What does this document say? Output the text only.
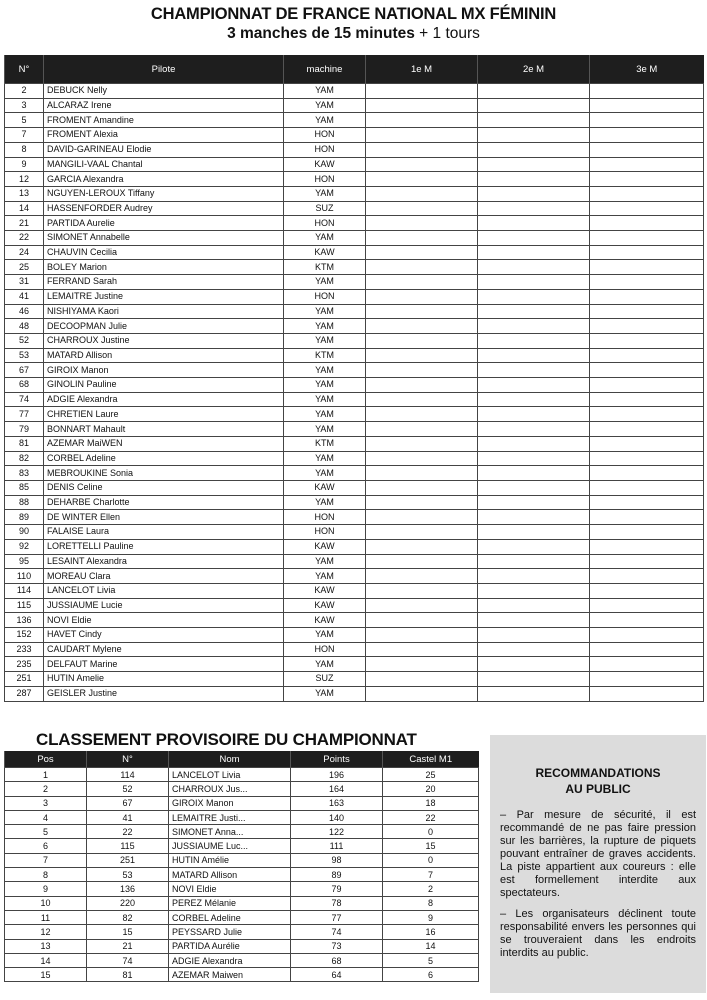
CHAMPIONNAT DE FRANCE NATIONAL MX FÉMININ
3 manches de 15 minutes + 1 tours
N°	Pilote	machine	1e M	2e M	3e M
2	DEBUCK Nelly	YAM			
3	ALCARAZ Irene	YAM			
5	FROMENT Amandine	YAM			
7	FROMENT Alexia	HON			
8	DAVID-GARINEAU Elodie	HON			
9	MANGILI-VAAL Chantal	KAW			
12	GARCIA Alexandra	HON			
13	NGUYEN-LEROUX Tiffany	YAM			
14	HASSENFORDER Audrey	SUZ			
21	PARTIDA Aurelie	HON			
22	SIMONET Annabelle	YAM			
24	CHAUVIN Cecilia	KAW			
25	BOLEY Marion	KTM			
31	FERRAND Sarah	YAM			
41	LEMAITRE Justine	HON			
46	NISHIYAMA Kaori	YAM			
48	DECOOPMAN Julie	YAM			
52	CHARROUX Justine	YAM			
53	MATARD Allison	KTM			
67	GIROIX Manon	YAM			
68	GINOLIN Pauline	YAM			
74	ADGIE Alexandra	YAM			
77	CHRETIEN Laure	YAM			
79	BONNART Mahault	YAM			
81	AZEMAR MaiWEN	KTM			
82	CORBEL Adeline	YAM			
83	MEBROUKINE Sonia	YAM			
85	DENIS Celine	KAW			
88	DEHARBE Charlotte	YAM			
89	DE WINTER Ellen	HON			
90	FALAISE Laura	HON			
92	LORETTELLI Pauline	KAW			
95	LESAINT Alexandra	YAM			
110	MOREAU Clara	YAM			
114	LANCELOT Livia	KAW			
115	JUSSIAUME Lucie	KAW			
136	NOVI Eldie	KAW			
152	HAVET Cindy	YAM			
233	CAUDART Mylene	HON			
235	DELFAUT Marine	YAM			
251	HUTIN Amelie	SUZ			
287	GEISLER Justine	YAM			
CLASSEMENT PROVISOIRE DU CHAMPIONNAT
Pos	N°	Nom	Points	Castel M1
1	114	LANCELOT Livia	196	25
2	52	CHARROUX Jus...	164	20
3	67	GIROIX Manon	163	18
4	41	LEMAITRE Justi...	140	22
5	22	SIMONET Anna...	122	0
6	115	JUSSIAUME Luc...	111	15
7	251	HUTIN Amélie	98	0
8	53	MATARD Allison	89	7
9	136	NOVI Eldie	79	2
10	220	PEREZ Mélanie	78	8
11	82	CORBEL Adeline	77	9
12	15	PEYSSARD Julie	74	16
13	21	PARTIDA Aurélie	73	14
14	74	ADGIE Alexandra	68	5
15	81	AZEMAR Maiwen	64	6
RECOMMANDATIONS
AU PUBLIC

– Par mesure de sécurité, il est recommandé de ne pas faire pression sur les barrières, la rupture de piquets pouvant entraîner de graves accidents. La piste appartient aux coureurs : elle est formellement interdite aux spectateurs.

– Les organisateurs déclinent toute responsabilité envers les personnes qui se trouveraient dans les endroits interdits au public.
